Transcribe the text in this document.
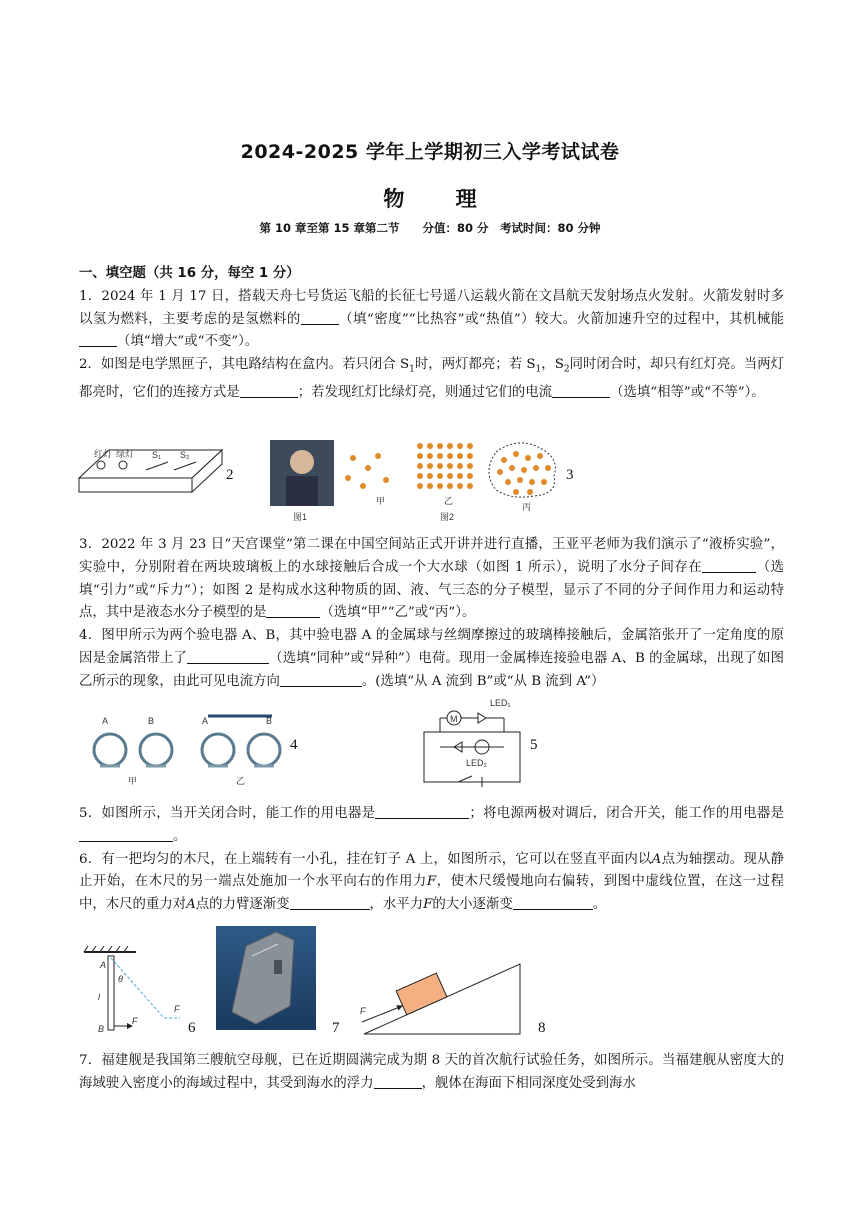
2024-2025 学年上学期初三入学考试试卷
物 理
第 10 章至第 15 章第二节　　分值：80 分　考试时间：80 分钟
一、填空题（共 16 分，每空 1 分）
1．2024 年 1 月 17 日，搭载天舟七号货运飞船的长征七号遥八运载火箭在文昌航天发射场点火发射。火箭发射时多以氢为燃料，主要考虑的是氢燃料的	（填“密度”“比热容”或“热值”）较大。火箭加速升空的过程中，其机械能（填“增大”或“不变”）。
2．如图是电学黑匣子，其电路结构在盒内。若只闭合 $S_1$时，两灯都亮；若 $S_1$，$S_2$同时闭合时，却只有红灯亮。当两灯都亮时，它们的连接方式是	；若发现红灯比绿灯亮，则通过它们的电流	（选填“相等”或“不等”）。
红灯 绿灯 S₁ S₂
2
图1
甲	乙
图2
丙
3
3．2022 年 3 月 23 日“天宫课堂”第二课在中国空间站正式开讲并进行直播，王亚平老师为我们演示了“液桥实验”，实验中，分别附着在两块玻璃板上的水球接触后合成一个大水球（如图 1 所示），说明了水分子间存在	（选填“引力”或“斥力”）；如图 2 是构成水这种物质的固、液、气三态的分子模型，显示了不同的分子间作用力和运动特点，其中是液态水分子模型的是	（选填“甲”“乙”或“丙”）。
4．图甲所示为两个验电器 A、B，其中验电器 A 的金属球与丝绸摩擦过的玻璃棒接触后，金属箔张开了一定角度的原因是金属箔带上了	（选填“同种”或“异种”）电荷。现用一金属棒连接验电器 A、B 的金属球，出现了如图乙所示的现象，由此可见电流方向	。(选填“从 A 流到 B”或“从 B 流到 A”）
A	B	A	B
甲	乙
4
M
LED₁
LED₂
5
5．如图所示，当开关闭合时，能工作的用电器是	；将电源两极对调后，闭合开关，能工作的用电器是。
6．有一把均匀的木尺，在上端转有一小孔，挂在钉子 A 上，如图所示，它可以在竖直平面内以A点为轴摆动。现从静止开始，在木尺的另一端点处施加一个水平向右的作用力F，使木尺缓慢地向右偏转，到图中虚线位置，在这一过程中，木尺的重力对A点的力臂逐渐变	，水平力F的大小逐渐变	。
A
θ
l
B
F
F
6	7
F
8
7．福建舰是我国第三艘航空母舰，已在近期圆满完成为期 8 天的首次航行试验任务，如图所示。当福建舰从密度大的海域驶入密度小的海域过程中，其受到海水的浮力	，舰体在海面下相同深度处受到海水
